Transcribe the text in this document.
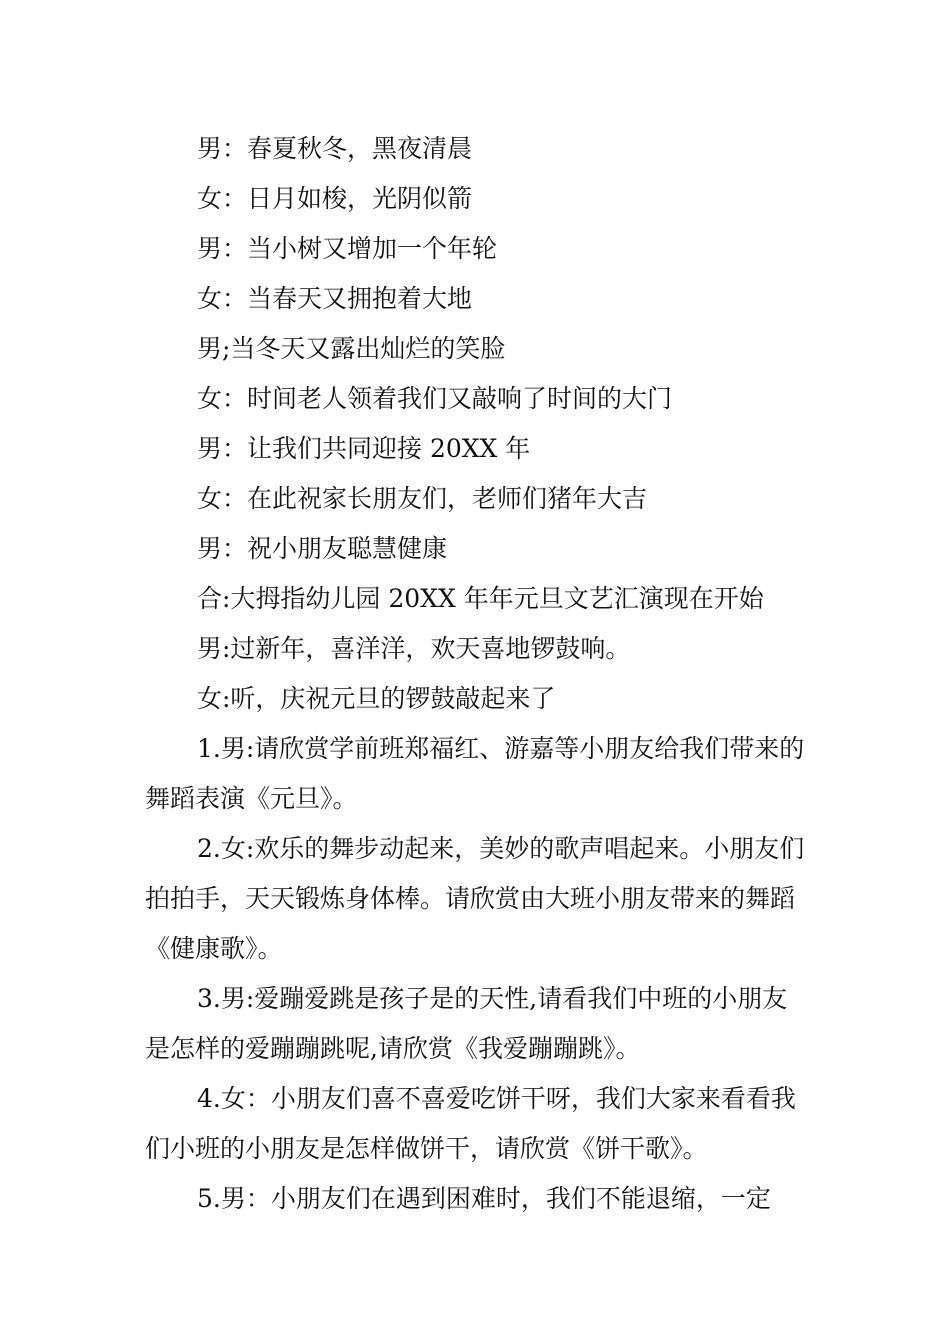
男：春夏秋冬，黑夜清晨

女：日月如梭，光阴似箭

男：当小树又增加一个年轮

女：当春天又拥抱着大地

男;当冬天又露出灿烂的笑脸

女：时间老人领着我们又敲响了时间的大门

男：让我们共同迎接 20XX 年

女：在此祝家长朋友们，老师们猪年大吉

男：祝小朋友聪慧健康

合:大拇指幼儿园 20XX 年年元旦文艺汇演现在开始

男:过新年，喜洋洋，欢天喜地锣鼓响。

女:听，庆祝元旦的锣鼓敲起来了

1.男:请欣赏学前班郑福红、游嘉等小朋友给我们带来的舞蹈表演《元旦》。

2.女:欢乐的舞步动起来，美妙的歌声唱起来。小朋友们拍拍手，天天锻炼身体棒。请欣赏由大班小朋友带来的舞蹈《健康歌》。

3.男:爱蹦爱跳是孩子是的天性,请看我们中班的小朋友是怎样的爱蹦蹦跳呢,请欣赏《我爱蹦蹦跳》。

4.女：小朋友们喜不喜爱吃饼干呀，我们大家来看看我们小班的小朋友是怎样做饼干，请欣赏《饼干歌》。

5.男：小朋友们在遇到困难时，我们不能退缩，一定
